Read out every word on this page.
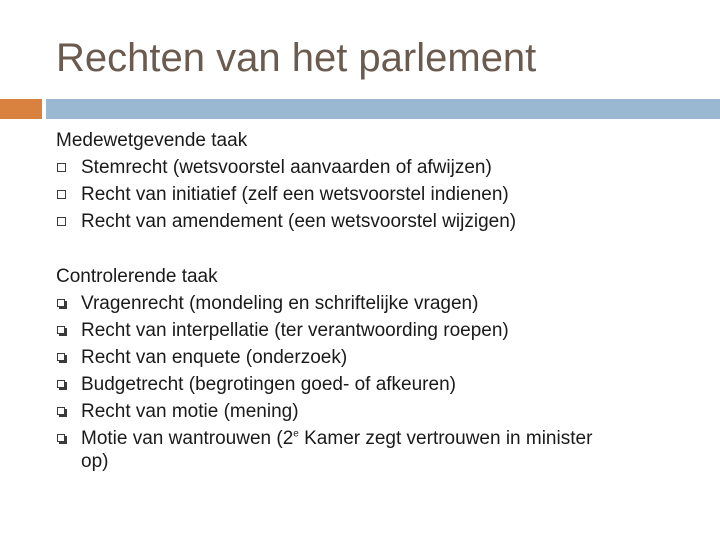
Rechten van het parlement
Medewetgevende taak
Stemrecht (wetsvoorstel aanvaarden of afwijzen)
Recht van initiatief (zelf een wetsvoorstel indienen)
Recht van amendement (een wetsvoorstel wijzigen)
Controlerende taak
Vragenrecht (mondeling en schriftelijke vragen)
Recht van interpellatie (ter verantwoording roepen)
Recht van enquete (onderzoek)
Budgetrecht (begrotingen goed- of afkeuren)
Recht van motie (mening)
Motie van wantrouwen (2e Kamer zegt vertrouwen in minister
op)
